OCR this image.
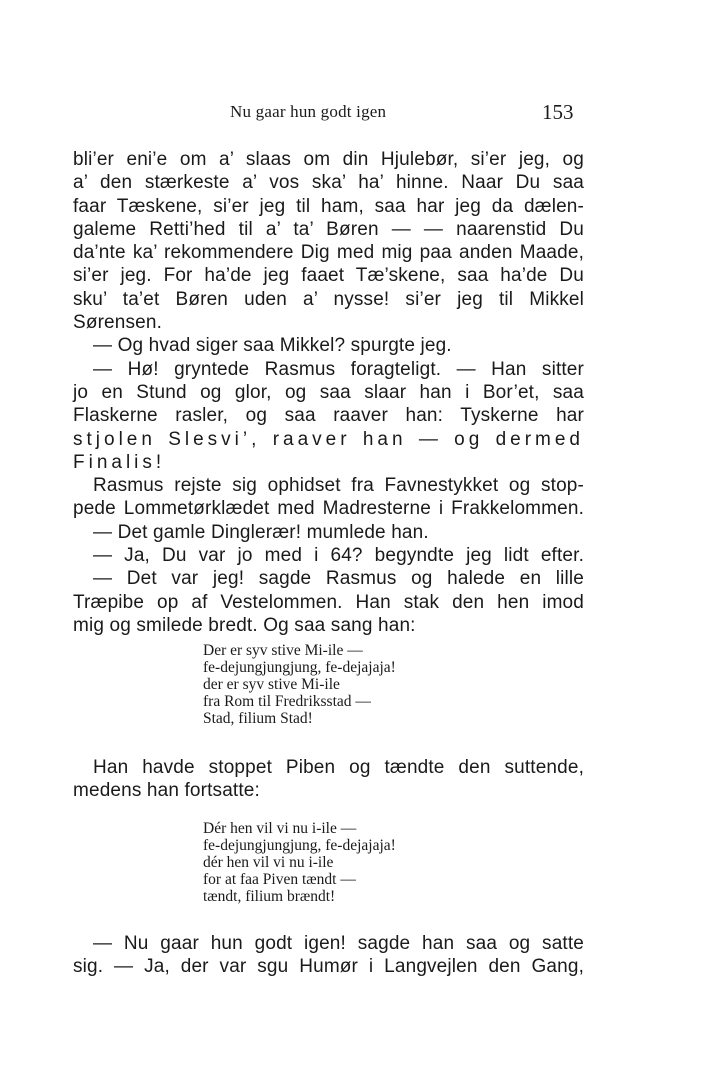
Nu gaar hun godt igen	153
bli’er eni’e om a’ slaas om din Hjulebør, si’er jeg, og
a’ den stærkeste a’ vos ska’ ha’ hinne. Naar Du saa
faar Tæskene, si’er jeg til ham, saa har jeg da dælen-
galeme Retti’hed til a’ ta’ Børen — — naarenstid Du
da’nte ka’ rekommendere Dig med mig paa anden Maade,
si’er jeg. For ha’de jeg faaet Tæ’skene, saa ha’de Du
sku’ ta’et Børen uden a’ nysse! si’er jeg til Mikkel
Sørensen.
— Og hvad siger saa Mikkel? spurgte jeg.
— Hø! gryntede Rasmus foragteligt. — Han sitter
jo en Stund og glor, og saa slaar han i Bor’et, saa
Flaskerne rasler, og saa raaver han: Tyskerne har
stjolen Slesvi’, raaver han — og dermed
Finalis!
Rasmus rejste sig ophidset fra Favnestykket og stop-
pede Lommetørklædet med Madresterne i Frakkelommen.
— Det gamle Dinglerær! mumlede han.
— Ja, Du var jo med i 64? begyndte jeg lidt efter.
— Det var jeg! sagde Rasmus og halede en lille
Træpibe op af Vestelommen. Han stak den hen imod
mig og smilede bredt. Og saa sang han:
Der er syv stive Mi-ile —
fe-dejungjungjung, fe-dejajaja!
der er syv stive Mi-ile
fra Rom til Fredriksstad —
Stad, filium Stad!
Han havde stoppet Piben og tændte den suttende,
medens han fortsatte:
Dér hen vil vi nu i-ile —
fe-dejungjungjung, fe-dejajaja!
dér hen vil vi nu i-ile
for at faa Piven tændt —
tændt, filium brændt!
— Nu gaar hun godt igen! sagde han saa og satte
sig. — Ja, der var sgu Humør i Langvejlen den Gang,
